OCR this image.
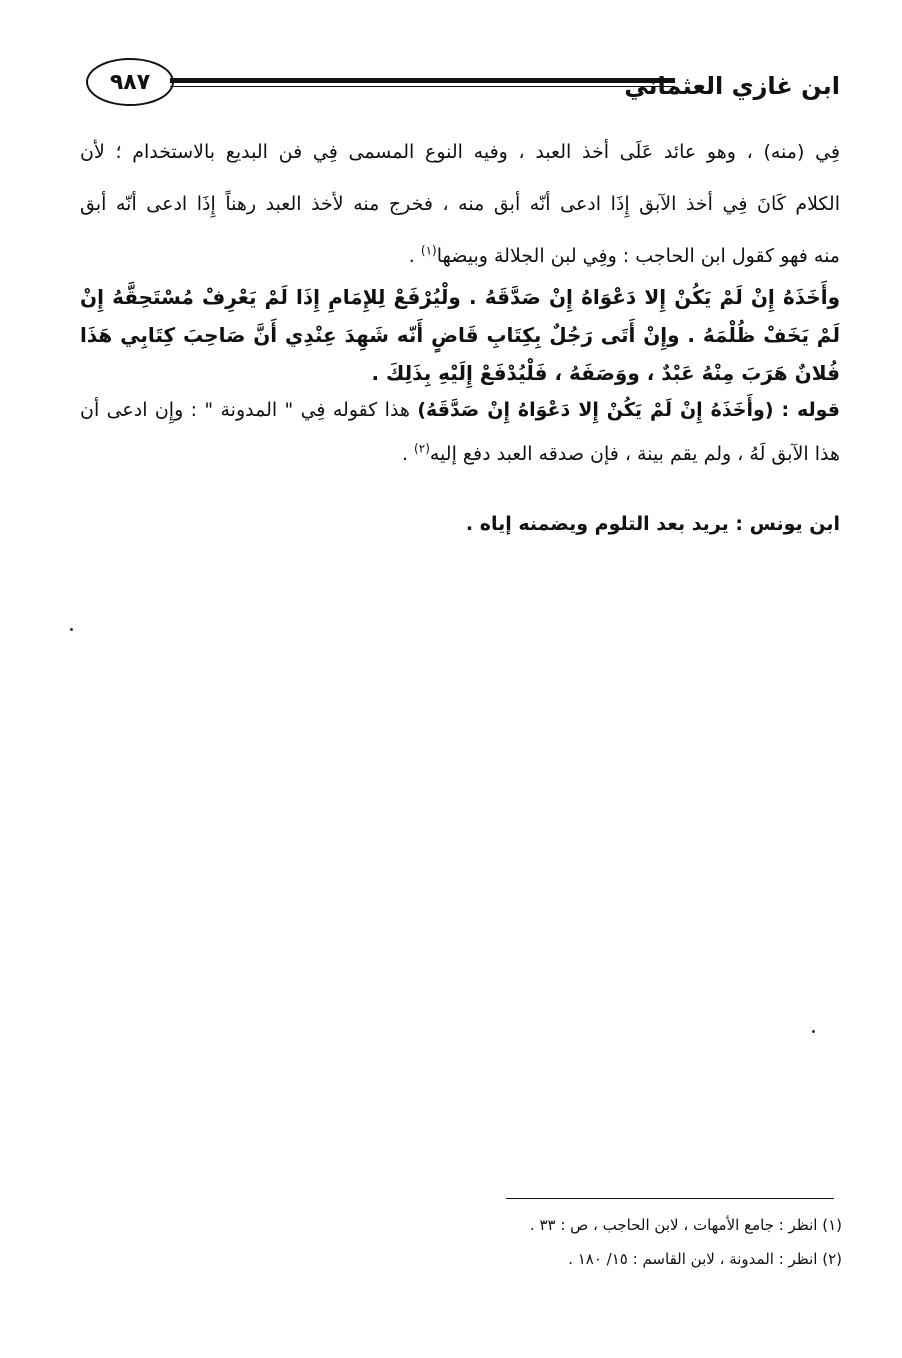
٩٨٧	ابن غازي العثماني
فِي (منه) ، وهو عائد عَلَى أخذ العبد ، وفيه النوع المسمى فِي فن البديع بالاستخدام ؛ لأن
الكلام كَانَ فِي أخذ الآبق إِذَا ادعى أنّه أبق منه ، فخرج منه لأخذ العبد رهناً إِذَا ادعى أنّه أبق
منه فهو كقول ابن الحاجب : وفِي لبن الجلالة وبيضها$^{(١)}$ .
وأَخَذَهُ إِنْ لَمْ يَكُنْ إِلا دَعْوَاهُ إِنْ صَدَّقَهُ . ولْيُرْفَعْ لِلإِمَامِ إِذَا لَمْ يَعْرِفْ مُسْتَحِقَّهُ إِنْ
لَمْ يَخَفْ ظُلْمَهُ . وإِنْ أَتَى رَجُلٌ بِكِتَابِ قَاضٍ أَنّه شَهِدَ عِنْدِي أَنَّ صَاحِبَ كِتَابِي هَذَا
فُلانٌ هَرَبَ مِنْهُ عَبْدٌ ، ووَصَفَهُ ، فَلْيُدْفَعْ إِلَيْهِ بِذَلِكَ .
قوله : (وأَخَذَهُ إِنْ لَمْ يَكُنْ إِلا دَعْوَاهُ إِنْ صَدَّقَهُ) هذا كقوله فِي " المدونة " : وإِن ادعى أن
هذا الآبق لَهُ ، ولم يقم بينة ، فإن صدقه العبد دفع إليه$^{(٢)}$ .
ابن يونس : يريد بعد التلوم ويضمنه إياه .
(١) انظر : جامع الأمهات ، لابن الحاجب ، ص : ٣٣ .
(٢) انظر : المدونة ، لابن القاسم : ١٥/ ١٨٠ .
